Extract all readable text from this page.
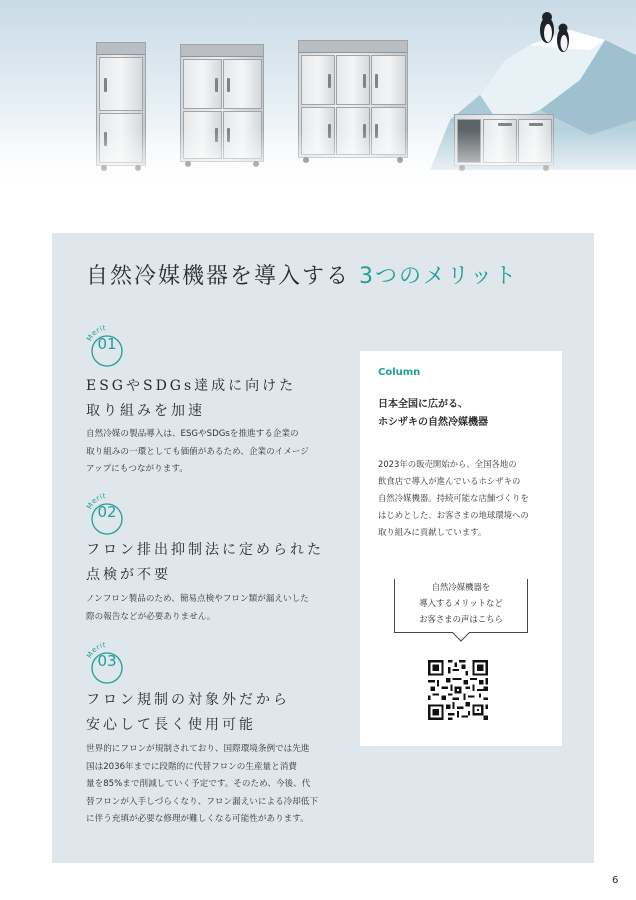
自然冷媒機器を導入する 3つのメリット
Merit
01
ESGやSDGs達成に向けた
取り組みを加速
自然冷媒の製品導入は、ESGやSDGsを推進する企業の
取り組みの一環としても価値があるため、企業のイメージ
アップにもつながります。
Merit
02
フロン排出抑制法に定められた
点検が不要
ノンフロン製品のため、簡易点検やフロン類が漏えいした
際の報告などが必要ありません。
Merit
03
フロン規制の対象外だから
安心して長く使用可能
世界的にフロンが規制されており、国際環境条例では先進
国は2036年までに段階的に代替フロンの生産量と消費
量を85%まで削減していく予定です。そのため、今後、代
替フロンが入手しづらくなり、フロン漏えいによる冷却低下
に伴う充填が必要な修理が難しくなる可能性があります。
Column
日本全国に広がる、
ホシザキの自然冷媒機器
2023年の販売開始から、全国各地の
飲食店で導入が進んでいるホシザキの
自然冷媒機器。持続可能な店舗づくりを
はじめとした、お客さまの地球環境への
取り組みに貢献しています。
自然冷媒機器を
導入するメリットなど
お客さまの声はこちら
6
